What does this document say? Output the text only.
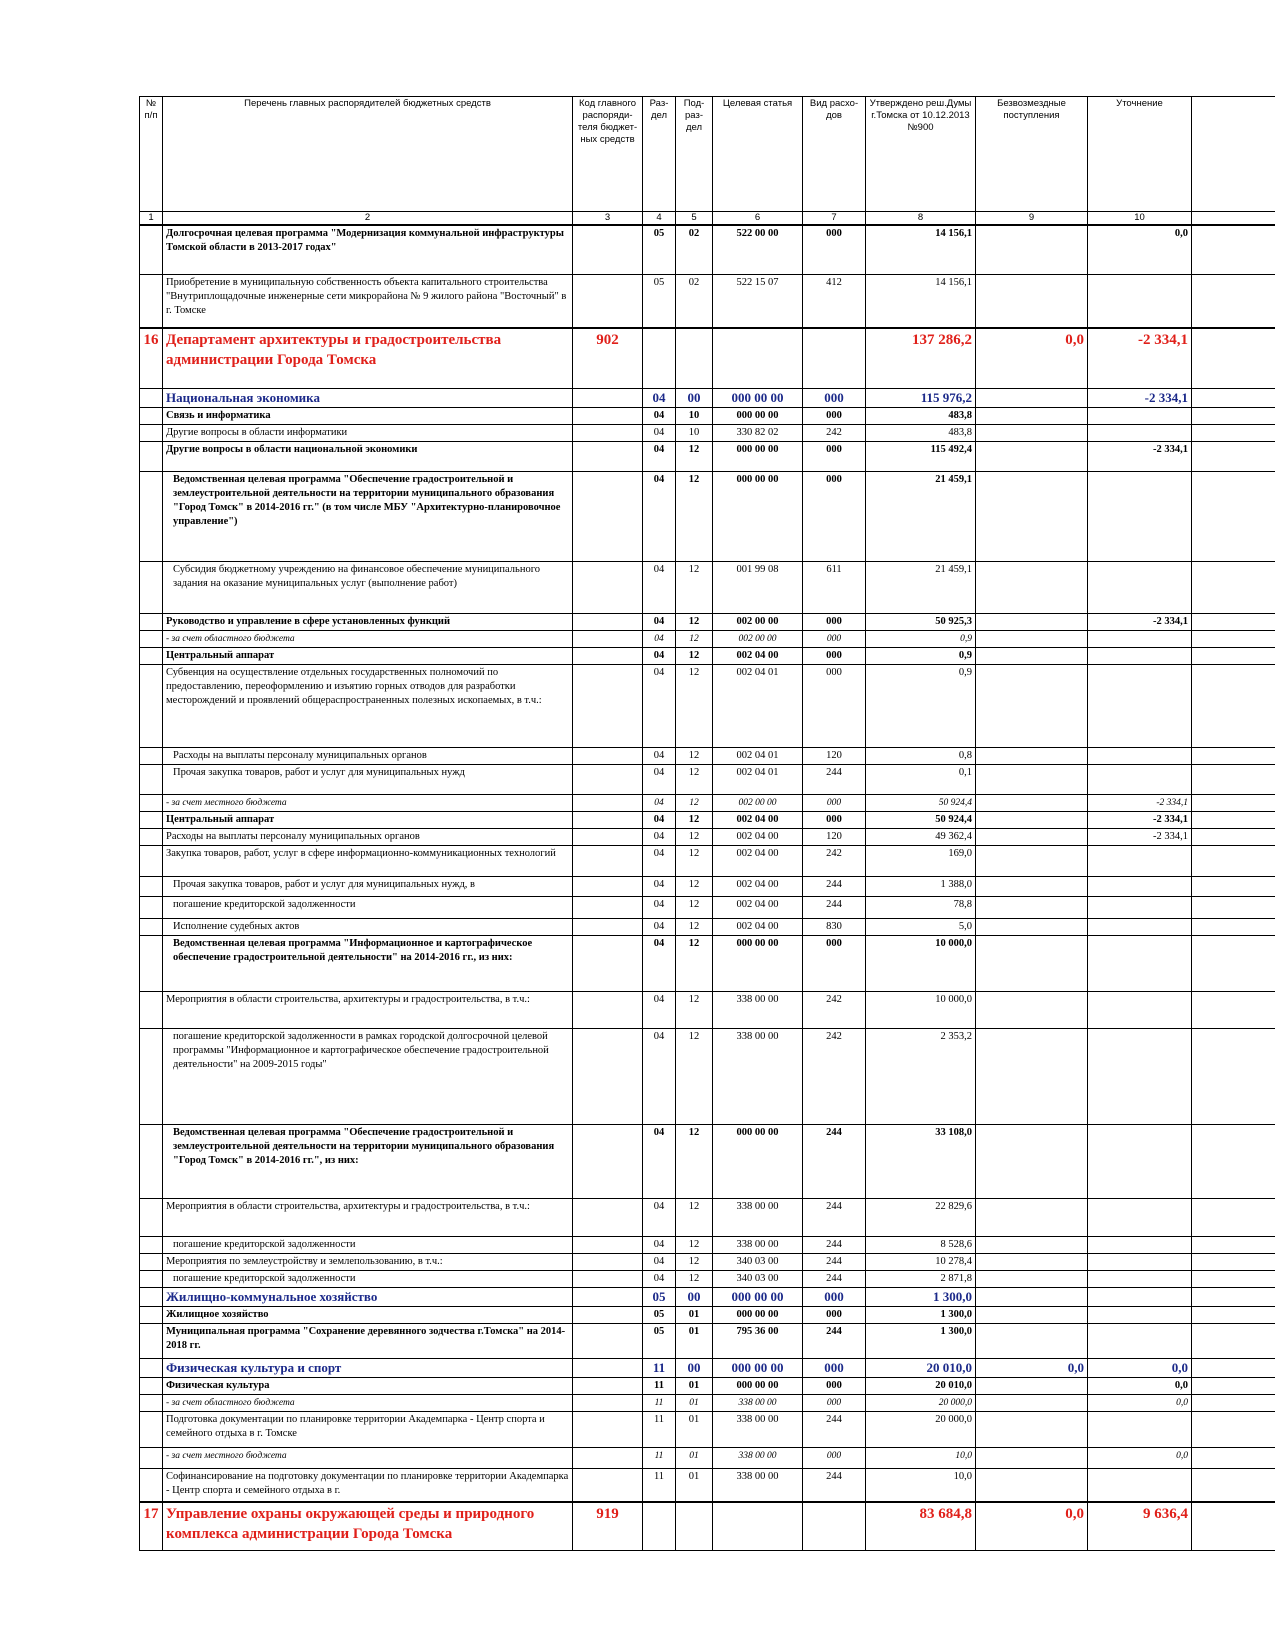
№ п/п	Перечень главных распорядителей бюджетных средств	Код главного распоряди- теля бюджет- ных средств	Раз- дел	Под- раз- дел	Целевая статья	Вид расхо- дов	Утверждено реш.Думы г.Томска от 10.12.2013 №900	Безвозмездные поступления	Уточнение	
1	2	3	4	5	6	7	8	9	10	
	Долгосрочная целевая программа "Модернизация коммунальной инфраструктуры Томской области в 2013-2017 годах"		05	02	522 00 00	000	14 156,1		0,0	
	Приобретение в муниципальную собственность объекта капитального строительства "Внутриплощадочные инженерные сети микрорайона № 9 жилого района "Восточный" в г. Томске		05	02	522 15 07	412	14 156,1			
16	Департамент архитектуры и градостроительства администрации Города Томска	902					137 286,2	0,0	-2 334,1	
	Национальная экономика		04	00	000 00 00	000	115 976,2		-2 334,1	
	Связь и информатика		04	10	000 00 00	000	483,8			
	Другие вопросы в области информатики		04	10	330 82 02	242	483,8			
	Другие вопросы в области национальной экономики		04	12	000 00 00	000	115 492,4		-2 334,1	
	Ведомственная целевая программа "Обеспечение градостроительной и землеустроительной деятельности на территории муниципального образования "Город Томск" в 2014-2016 гг." (в том числе МБУ "Архитектурно-планировочное управление")		04	12	000 00 00	000	21 459,1			
	Субсидия бюджетному учреждению на финансовое обеспечение муниципального задания на оказание муниципальных услуг (выполнение работ)		04	12	001 99 08	611	21 459,1			
	Руководство и управление в сфере установленных функций		04	12	002 00 00	000	50 925,3		-2 334,1	
	- за счет областного бюджета		04	12	002 00 00	000	0,9			
	Центральный аппарат		04	12	002 04 00	000	0,9			
	Субвенция на осуществление отдельных государственных полномочий по предоставлению, переоформлению и изъятию горных отводов для разработки месторождений и проявлений общераспространенных полезных ископаемых, в т.ч.:		04	12	002 04 01	000	0,9			
	Расходы на выплаты персоналу муниципальных органов		04	12	002 04 01	120	0,8			
	Прочая закупка товаров, работ и услуг для муниципальных нужд		04	12	002 04 01	244	0,1			
	- за счет местного бюджета		04	12	002 00 00	000	50 924,4		-2 334,1	
	Центральный аппарат		04	12	002 04 00	000	50 924,4		-2 334,1	
	Расходы на выплаты персоналу муниципальных органов		04	12	002 04 00	120	49 362,4		-2 334,1	
	Закупка товаров, работ, услуг в сфере информационно-коммуникационных технологий		04	12	002 04 00	242	169,0			
	Прочая закупка товаров, работ и услуг для муниципальных нужд, в		04	12	002 04 00	244	1 388,0			
	погашение кредиторской задолженности		04	12	002 04 00	244	78,8			
	Исполнение судебных актов		04	12	002 04 00	830	5,0			
	Ведомственная целевая программа "Информационное и картографическое обеспечение градостроительной деятельности" на 2014-2016 гг., из них:		04	12	000 00 00	000	10 000,0			
	Мероприятия в области строительства, архитектуры и градостроительства, в т.ч.:		04	12	338 00 00	242	10 000,0			
	погашение кредиторской задолженности в рамках городской долгосрочной целевой программы "Информационное и картографическое обеспечение градостроительной деятельности" на 2009-2015 годы"		04	12	338 00 00	242	2 353,2			
	Ведомственная целевая программа "Обеспечение градостроительной и землеустроительной деятельности на территории муниципального образования "Город Томск" в 2014-2016 гг.", из них:		04	12	000 00 00	244	33 108,0			
	Мероприятия в области строительства, архитектуры и градостроительства, в т.ч.:		04	12	338 00 00	244	22 829,6			
	погашение кредиторской задолженности		04	12	338 00 00	244	8 528,6			
	Мероприятия по землеустройству и землепользованию, в т.ч.:		04	12	340 03 00	244	10 278,4			
	погашение кредиторской задолженности		04	12	340 03 00	244	2 871,8			
	Жилищно-коммунальное хозяйство		05	00	000 00 00	000	1 300,0			
	Жилищное хозяйство		05	01	000 00 00	000	1 300,0			
	Муниципальная программа "Сохранение деревянного зодчества г.Томска" на 2014-2018 гг.		05	01	795 36 00	244	1 300,0			
	Физическая культура и спорт		11	00	000 00 00	000	20 010,0	0,0	0,0	
	Физическая культура		11	01	000 00 00	000	20 010,0		0,0	
	- за счет областного бюджета		11	01	338 00 00	000	20 000,0		0,0	
	Подготовка документации по планировке территории Академпарка - Центр спорта и семейного отдыха в г. Томске		11	01	338 00 00	244	20 000,0			
	- за счет местного бюджета		11	01	338 00 00	000	10,0		0,0	
	Софинансирование на подготовку документации по планировке территории Академпарка - Центр спорта и семейного отдыха в г.		11	01	338 00 00	244	10,0			
17	Управление охраны окружающей среды и природного комплекса администрации Города Томска	919					83 684,8	0,0	9 636,4	
